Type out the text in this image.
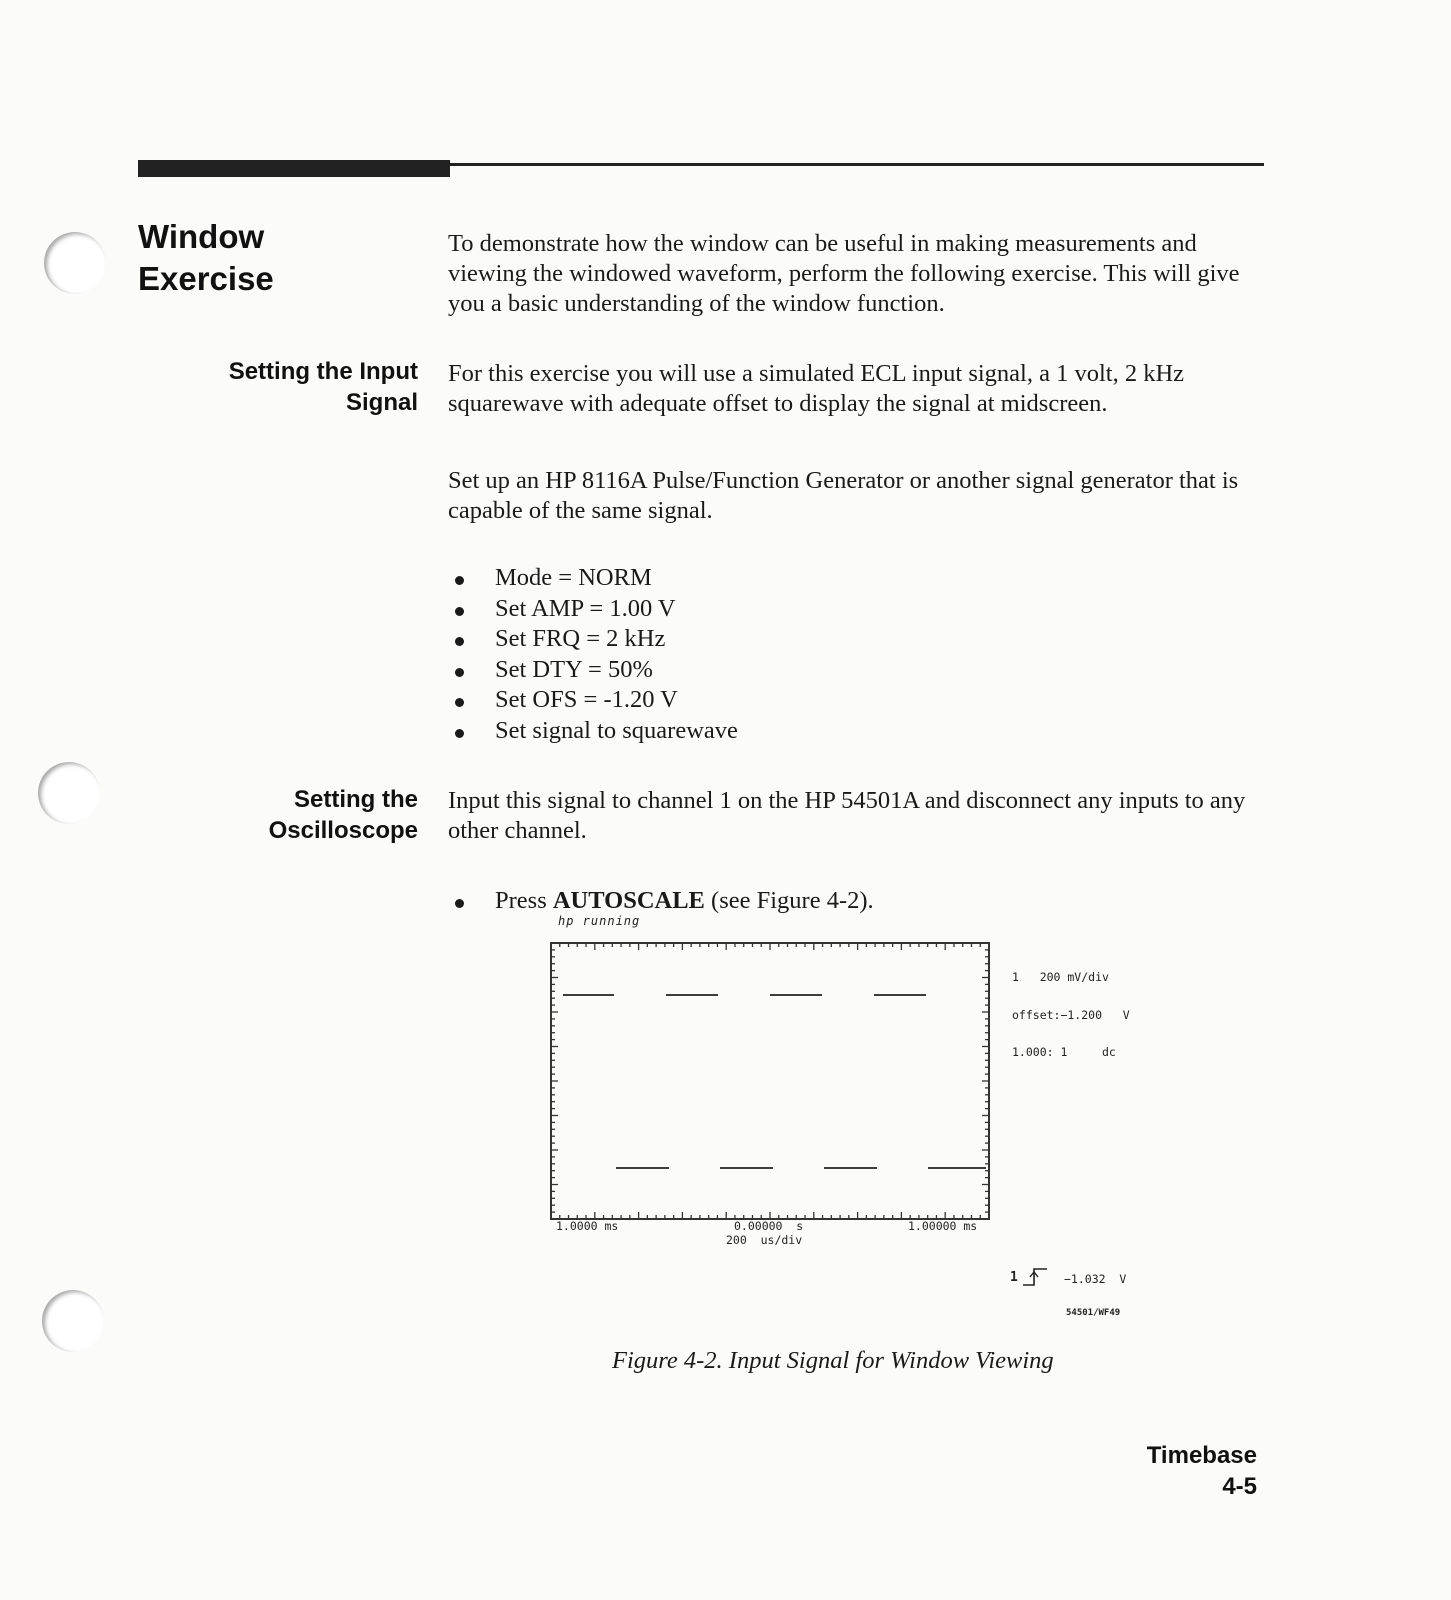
Window
Exercise
To demonstrate how the window can be useful in making measurements and viewing the windowed waveform, perform the following exercise. This will give you a basic understanding of the window function.
Setting the Input
Signal
For this exercise you will use a simulated ECL input signal, a 1 volt, 2 kHz squarewave with adequate offset to display the signal at midscreen.
Set up an HP 8116A Pulse/Function Generator or another signal generator that is capable of the same signal.
Mode = NORM
Set AMP = 1.00 V
Set FRQ = 2 kHz
Set DTY = 50%
Set OFS = -1.20 V
Set signal to squarewave
Setting the
Oscilloscope
Input this signal to channel 1 on the HP 54501A and disconnect any inputs to any other channel.
Press AUTOSCALE (see Figure 4-2).
hp running

1   200 mV/div

offset:−1.200   V

1.000: 1     dc

1.0000 ms	0.00000  s	1.00000 ms
200  us/div
1	−1.032  V
54501/WF49
Figure 4-2. Input Signal for Window Viewing
Timebase
4-5
